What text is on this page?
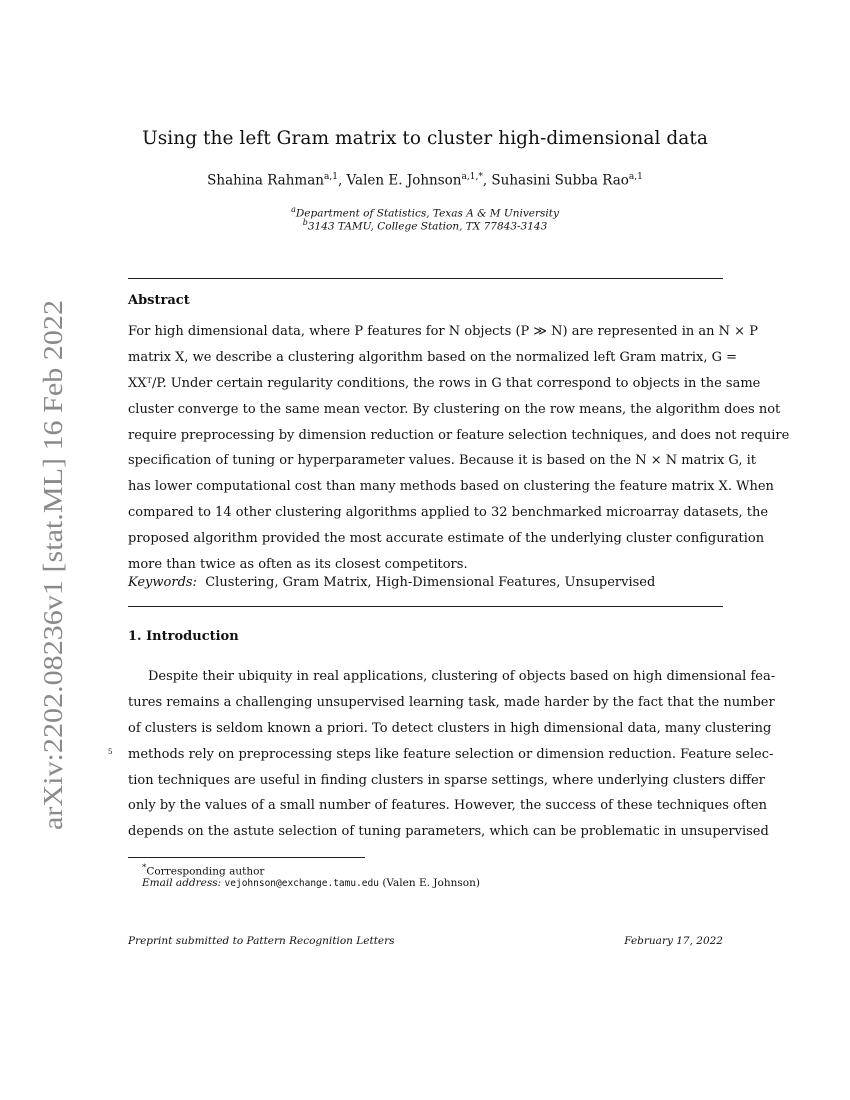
arXiv:2202.08236v1 [stat.ML] 16 Feb 2022
Using the left Gram matrix to cluster high-dimensional data
Shahina Rahman$^{a,1}$, Valen E. Johnson$^{a,1,*}$, Suhasini Subba Rao$^{a,1}$
$^a$Department of Statistics, Texas A & M University
$^b$3143 TAMU, College Station, TX 77843-3143
Abstract
For high dimensional data, where P features for N objects (P ≫ N) are represented in an N × P
matrix X, we describe a clustering algorithm based on the normalized left Gram matrix, G =
XXᵀ/P. Under certain regularity conditions, the rows in G that correspond to objects in the same
cluster converge to the same mean vector. By clustering on the row means, the algorithm does not
require preprocessing by dimension reduction or feature selection techniques, and does not require
specification of tuning or hyperparameter values. Because it is based on the N × N matrix G, it
has lower computational cost than many methods based on clustering the feature matrix X. When
compared to 14 other clustering algorithms applied to 32 benchmarked microarray datasets, the
proposed algorithm provided the most accurate estimate of the underlying cluster configuration
more than twice as often as its closest competitors.
Keywords: Clustering, Gram Matrix, High-Dimensional Features, Unsupervised
1. Introduction
5
Despite their ubiquity in real applications, clustering of objects based on high dimensional fea-
tures remains a challenging unsupervised learning task, made harder by the fact that the number
of clusters is seldom known a priori. To detect clusters in high dimensional data, many clustering
methods rely on preprocessing steps like feature selection or dimension reduction. Feature selec-
tion techniques are useful in finding clusters in sparse settings, where underlying clusters differ
only by the values of a small number of features. However, the success of these techniques often
depends on the astute selection of tuning parameters, which can be problematic in unsupervised
*Corresponding author
Email address: vejohnson@exchange.tamu.edu (Valen E. Johnson)
Preprint submitted to Pattern Recognition Letters	February 17, 2022
